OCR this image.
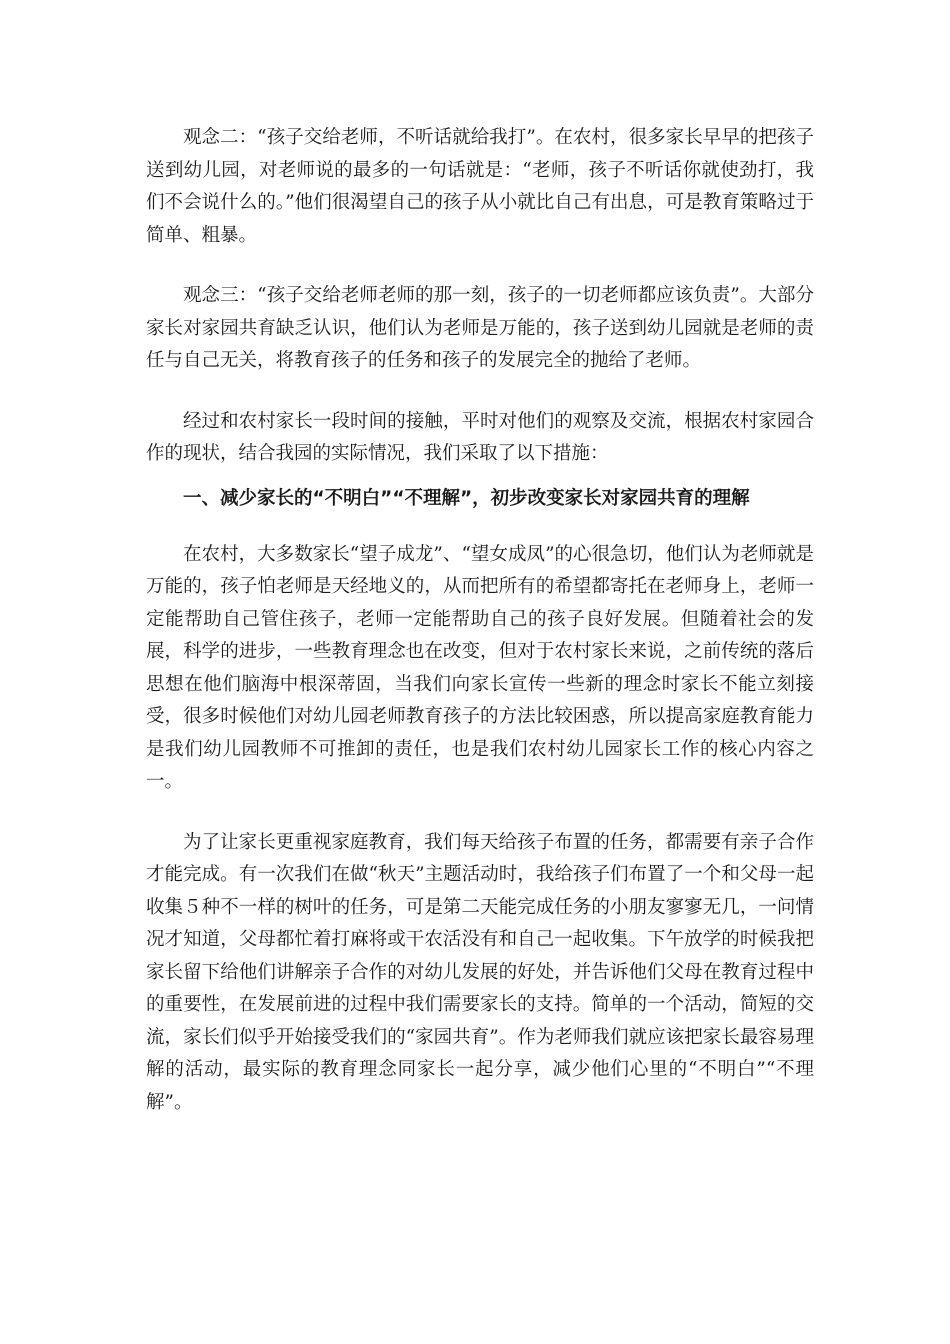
观念二：“孩子交给老师，不听话就给我打”。在农村，很多家长早早的把孩子送到幼儿园，对老师说的最多的一句话就是：“老师，孩子不听话你就使劲打，我们不会说什么的。”他们很渴望自己的孩子从小就比自己有出息，可是教育策略过于简单、粗暴。

观念三：“孩子交给老师老师的那一刻，孩子的一切老师都应该负责”。大部分家长对家园共育缺乏认识，他们认为老师是万能的，孩子送到幼儿园就是老师的责任与自己无关，将教育孩子的任务和孩子的发展完全的抛给了老师。

经过和农村家长一段时间的接触，平时对他们的观察及交流，根据农村家园合作的现状，结合我园的实际情况，我们采取了以下措施：

一、减少家长的“不明白”“不理解”，初步改变家长对家园共育的理解

在农村，大多数家长“望子成龙”、“望女成凤”的心很急切，他们认为老师就是万能的，孩子怕老师是天经地义的，从而把所有的希望都寄托在老师身上，老师一定能帮助自己管住孩子，老师一定能帮助自己的孩子良好发展。但随着社会的发展，科学的进步，一些教育理念也在改变，但对于农村家长来说，之前传统的落后思想在他们脑海中根深蒂固，当我们向家长宣传一些新的理念时家长不能立刻接受，很多时候他们对幼儿园老师教育孩子的方法比较困惑，所以提高家庭教育能力是我们幼儿园教师不可推卸的责任，也是我们农村幼儿园家长工作的核心内容之一。

为了让家长更重视家庭教育，我们每天给孩子布置的任务，都需要有亲子合作才能完成。有一次我们在做“秋天”主题活动时，我给孩子们布置了一个和父母一起收集５种不一样的树叶的任务，可是第二天能完成任务的小朋友寥寥无几，一问情况才知道，父母都忙着打麻将或干农活没有和自己一起收集。下午放学的时候我把家长留下给他们讲解亲子合作的对幼儿发展的好处，并告诉他们父母在教育过程中的重要性，在发展前进的过程中我们需要家长的支持。简单的一个活动，简短的交流，家长们似乎开始接受我们的“家园共育”。作为老师我们就应该把家长最容易理解的活动，最实际的教育理念同家长一起分享，减少他们心里的“不明白”“不理解”。
